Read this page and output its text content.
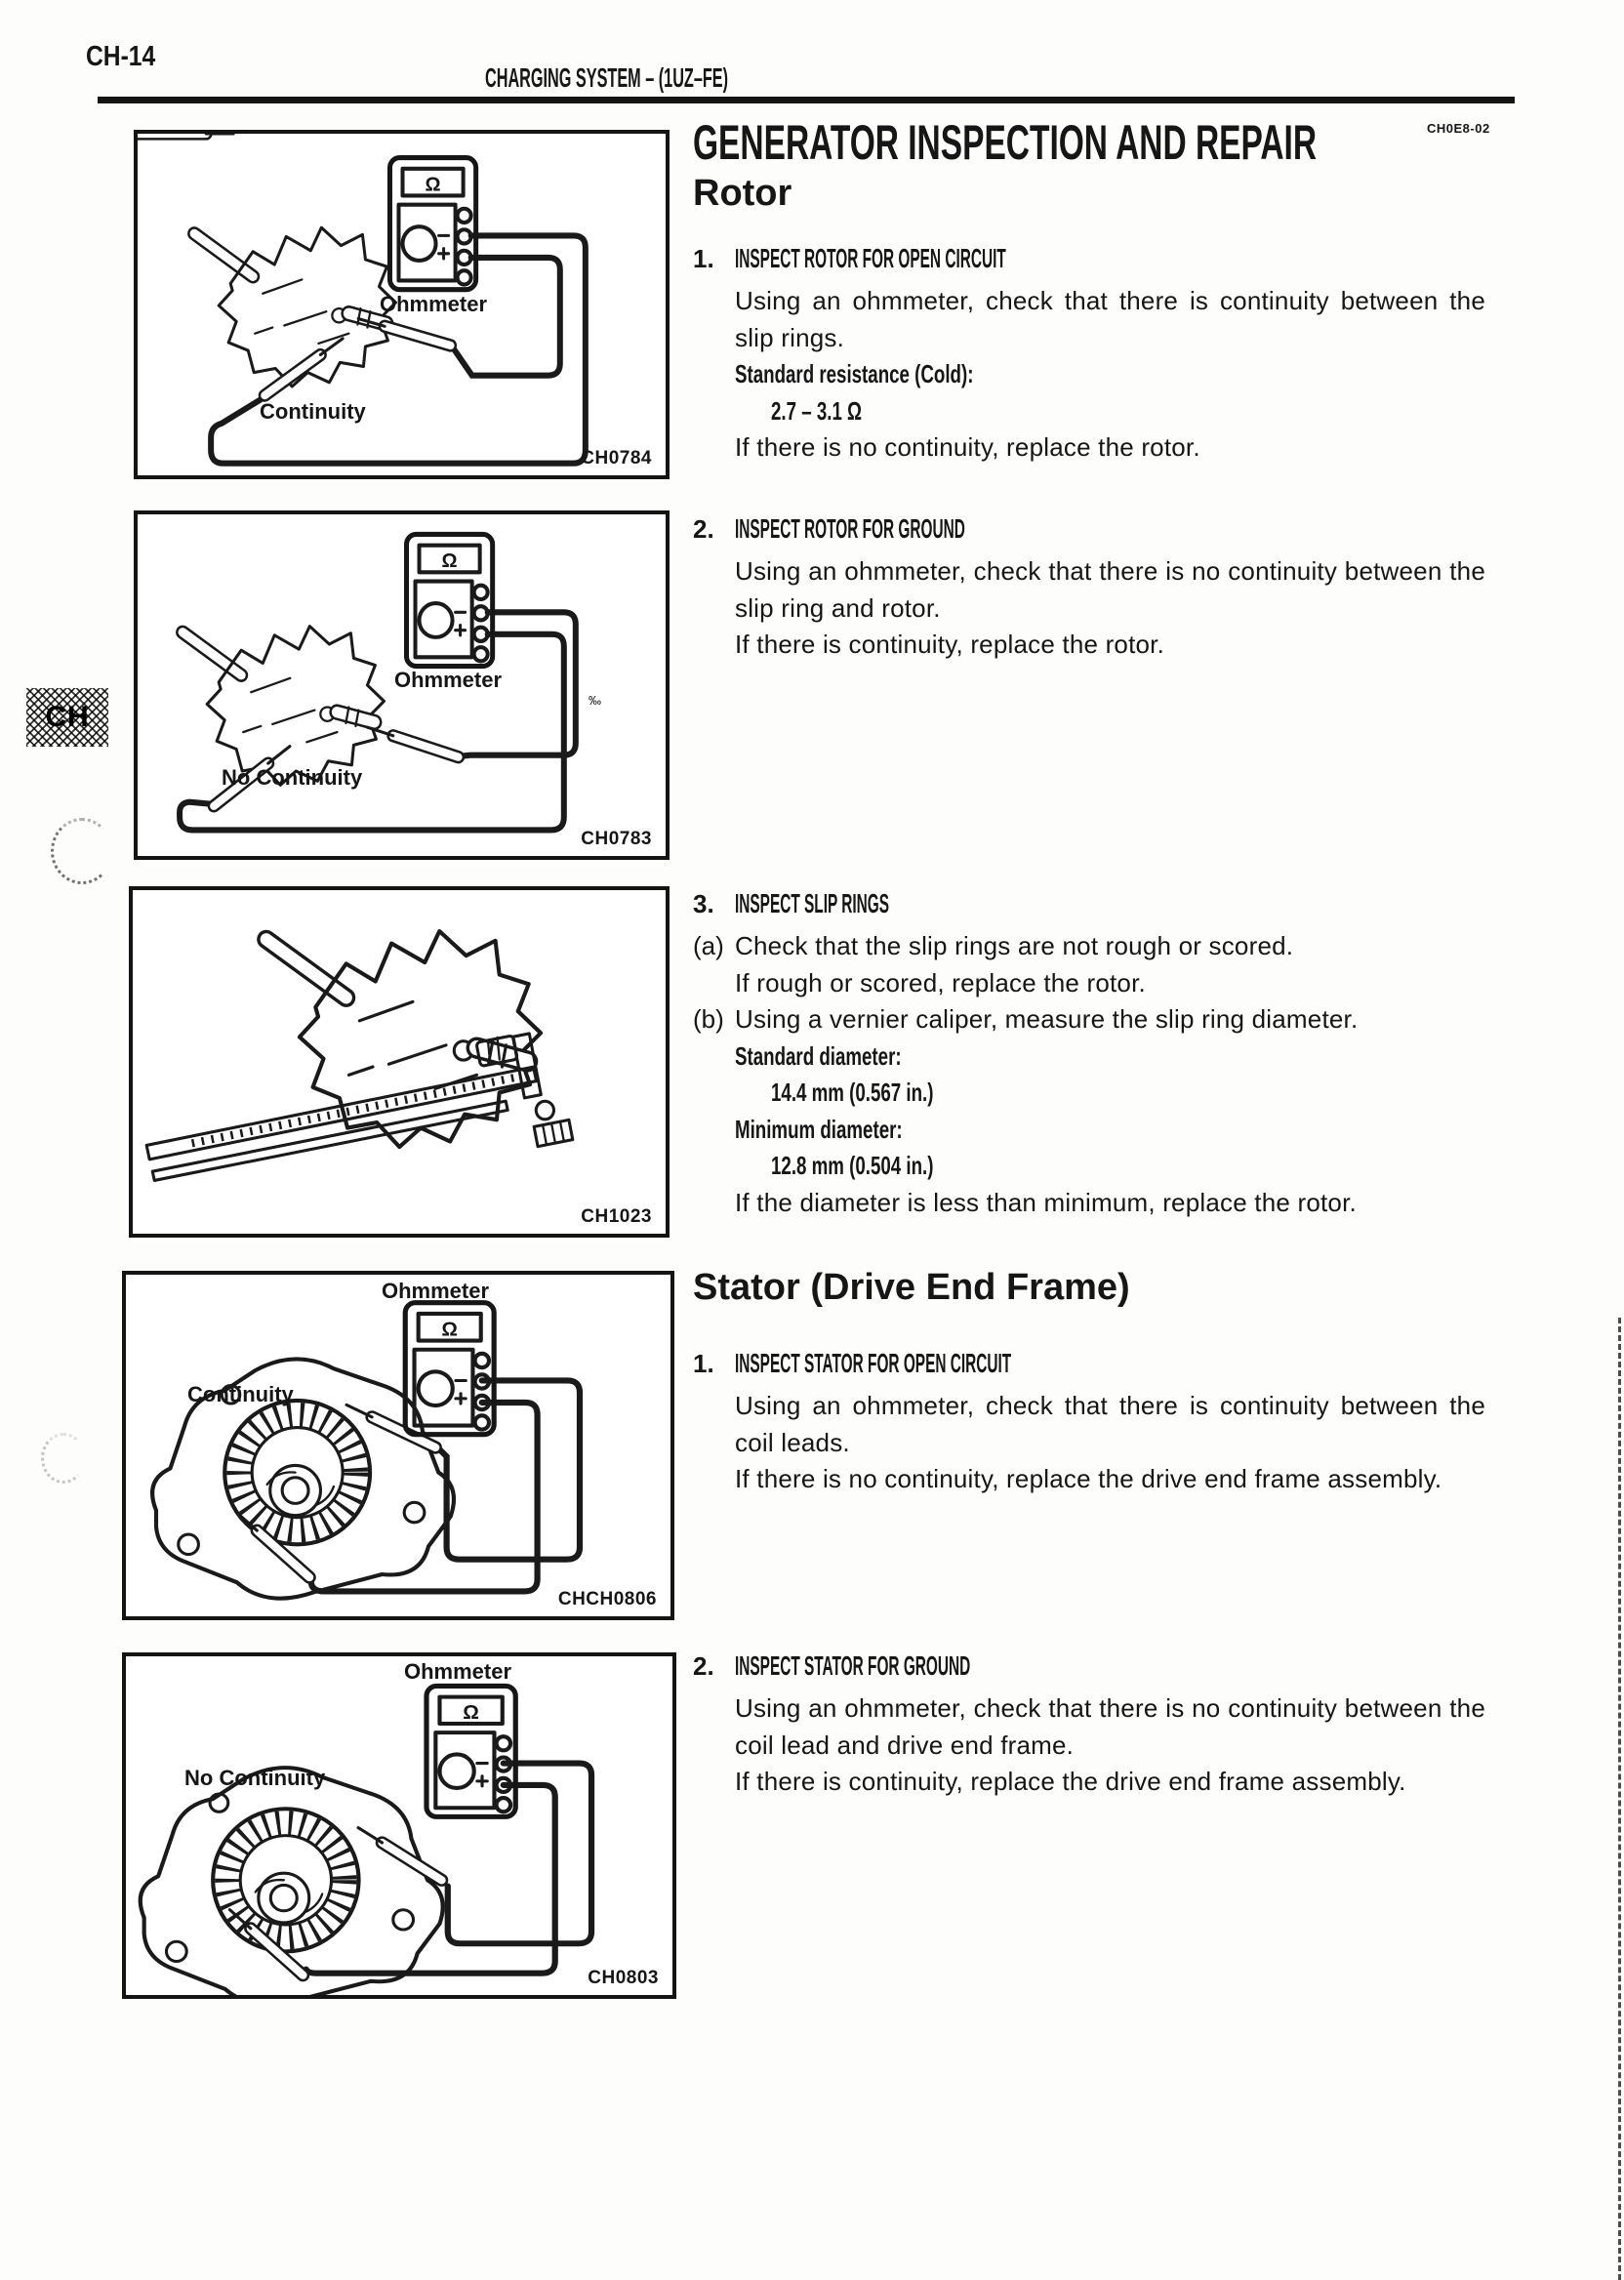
CH-14
CHARGING SYSTEM – (1UZ–FE)
CH
Ω
Ohmmeter
Continuity
CH0784
Ohmmeter
No Continuity
‰
CH0783
CH1023
Ohmmeter
Continuity
CHCH0806
Ohmmeter
No Continuity
CH0803
GENERATOR INSPECTION AND REPAIR	CH0E8-02
Rotor
1. INSPECT ROTOR FOR OPEN CIRCUIT
Using an ohmmeter, check that there is continuity between the slip rings.
Standard resistance (Cold):
2.7 – 3.1 Ω
If there is no continuity, replace the rotor.
2. INSPECT ROTOR FOR GROUND
Using an ohmmeter, check that there is no continuity between the slip ring and rotor.
If there is continuity, replace the rotor.
3. INSPECT SLIP RINGS
(a) Check that the slip rings are not rough or scored.
If rough or scored, replace the rotor.
(b) Using a vernier caliper, measure the slip ring diameter.
Standard diameter:
14.4 mm (0.567 in.)
Minimum diameter:
12.8 mm (0.504 in.)
If the diameter is less than minimum, replace the rotor.
Stator (Drive End Frame)
1. INSPECT STATOR FOR OPEN CIRCUIT
Using an ohmmeter, check that there is continuity between the coil leads.
If there is no continuity, replace the drive end frame assembly.
2. INSPECT STATOR FOR GROUND
Using an ohmmeter, check that there is no continuity between the coil lead and drive end frame.
If there is continuity, replace the drive end frame assembly.
